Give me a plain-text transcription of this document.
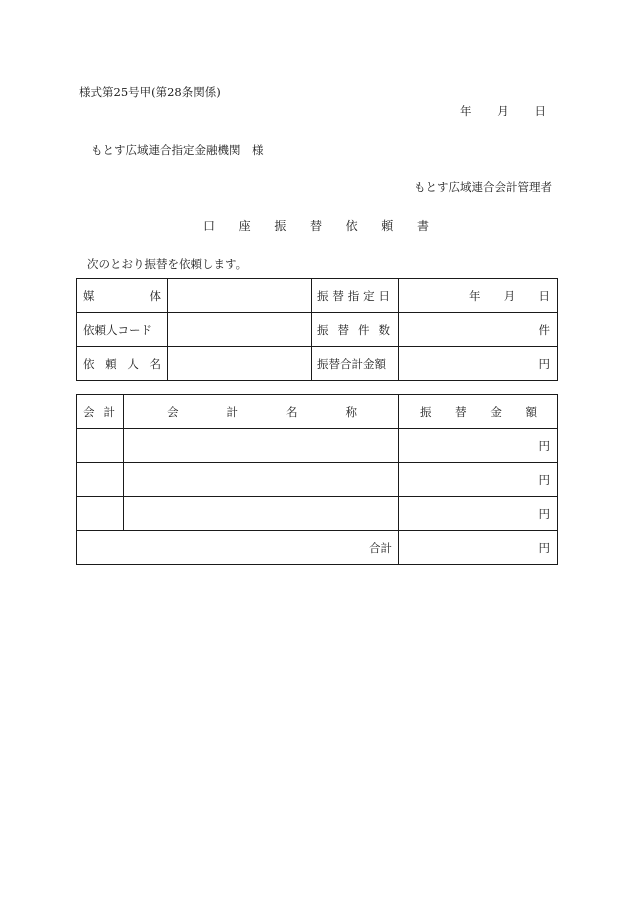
様式第25号甲(第28条関係)
年 月 日
もとす広域連合指定金融機関　様
もとす広域連合会計管理者
口 座 振 替 依 頼 書
次のとおり振替を依頼します。
媒 体		振 替 指 定 日	年 月 日

依頼人コード		振 替 件 数	件

依 頼 人 名		振替合計金額	円
会 計	会 計 名 称	振 替 金 額

		円
		円
		円
合計		円
